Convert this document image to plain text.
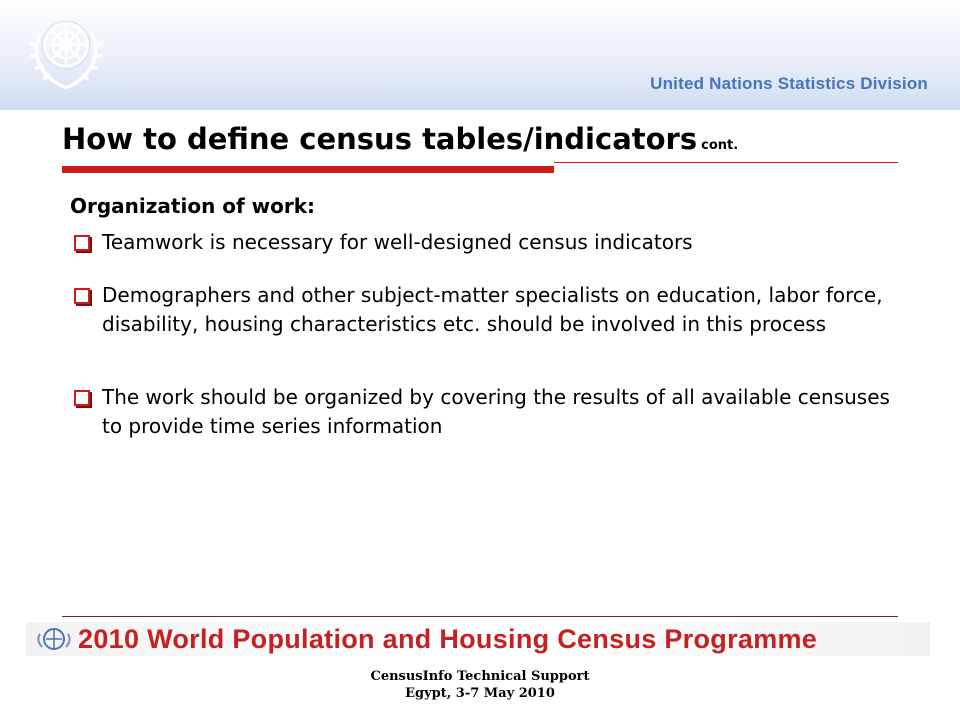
United Nations Statistics Division
How to define census tables/indicators cont.
Organization of work:
Teamwork is necessary for well-designed census indicators
Demographers and other subject-matter specialists on education, labor force, disability, housing characteristics etc. should be involved in this process
The work should be organized by covering the results of all available censuses to provide time series information
2010 World Population and Housing Census Programme
CensusInfo Technical Support
Egypt, 3-7 May 2010
